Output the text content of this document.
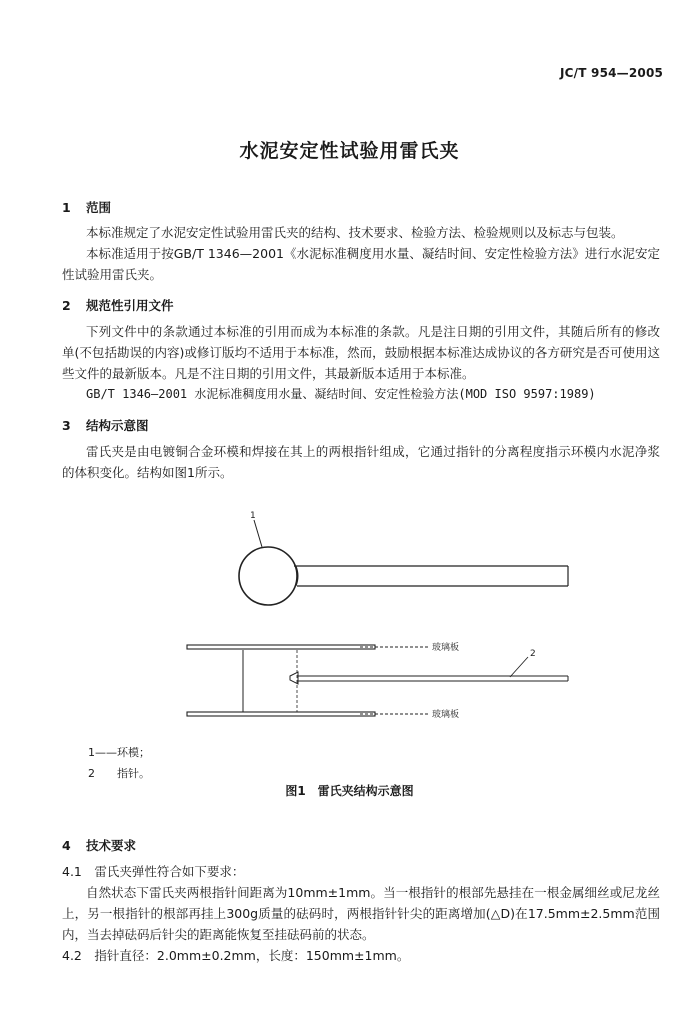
JC/T 954—2005
水泥安定性试验用雷氏夹
1 范围
本标准规定了水泥安定性试验用雷氏夹的结构、技术要求、检验方法、检验规则以及标志与包装。
本标准适用于按GB/T 1346—2001《水泥标准稠度用水量、凝结时间、安定性检验方法》进行水泥安定性试验用雷氏夹。
2 规范性引用文件
下列文件中的条款通过本标准的引用而成为本标准的条款。凡是注日期的引用文件，其随后所有的修改单(不包括勘误的内容)或修订版均不适用于本标准，然而，鼓励根据本标准达成协议的各方研究是否可使用这些文件的最新版本。凡是不注日期的引用文件，其最新版本适用于本标准。
GB/T 1346—2001 水泥标准稠度用水量、凝结时间、安定性检验方法(MOD ISO 9597:1989)
3 结构示意图
雷氏夹是由电镀铜合金环模和焊接在其上的两根指针组成，它通过指针的分离程度指示环模内水泥净浆的体积变化。结构如图1所示。
1
玻璃板
玻璃板
2
1——环模；
2　　指针。
图1　雷氏夹结构示意图
4 技术要求
4.1　 雷氏夹弹性符合如下要求：
自然状态下雷氏夹两根指针间距离为10mm±1mm。当一根指针的根部先悬挂在一根金属细丝或尼龙丝上，另一根指针的根部再挂上300g质量的砝码时，两根指针针尖的距离增加(△D)在17.5mm±2.5mm范围内，当去掉砝码后针尖的距离能恢复至挂砝码前的状态。
4.2　 指针直径：2.0mm±0.2mm，长度：150mm±1mm。
